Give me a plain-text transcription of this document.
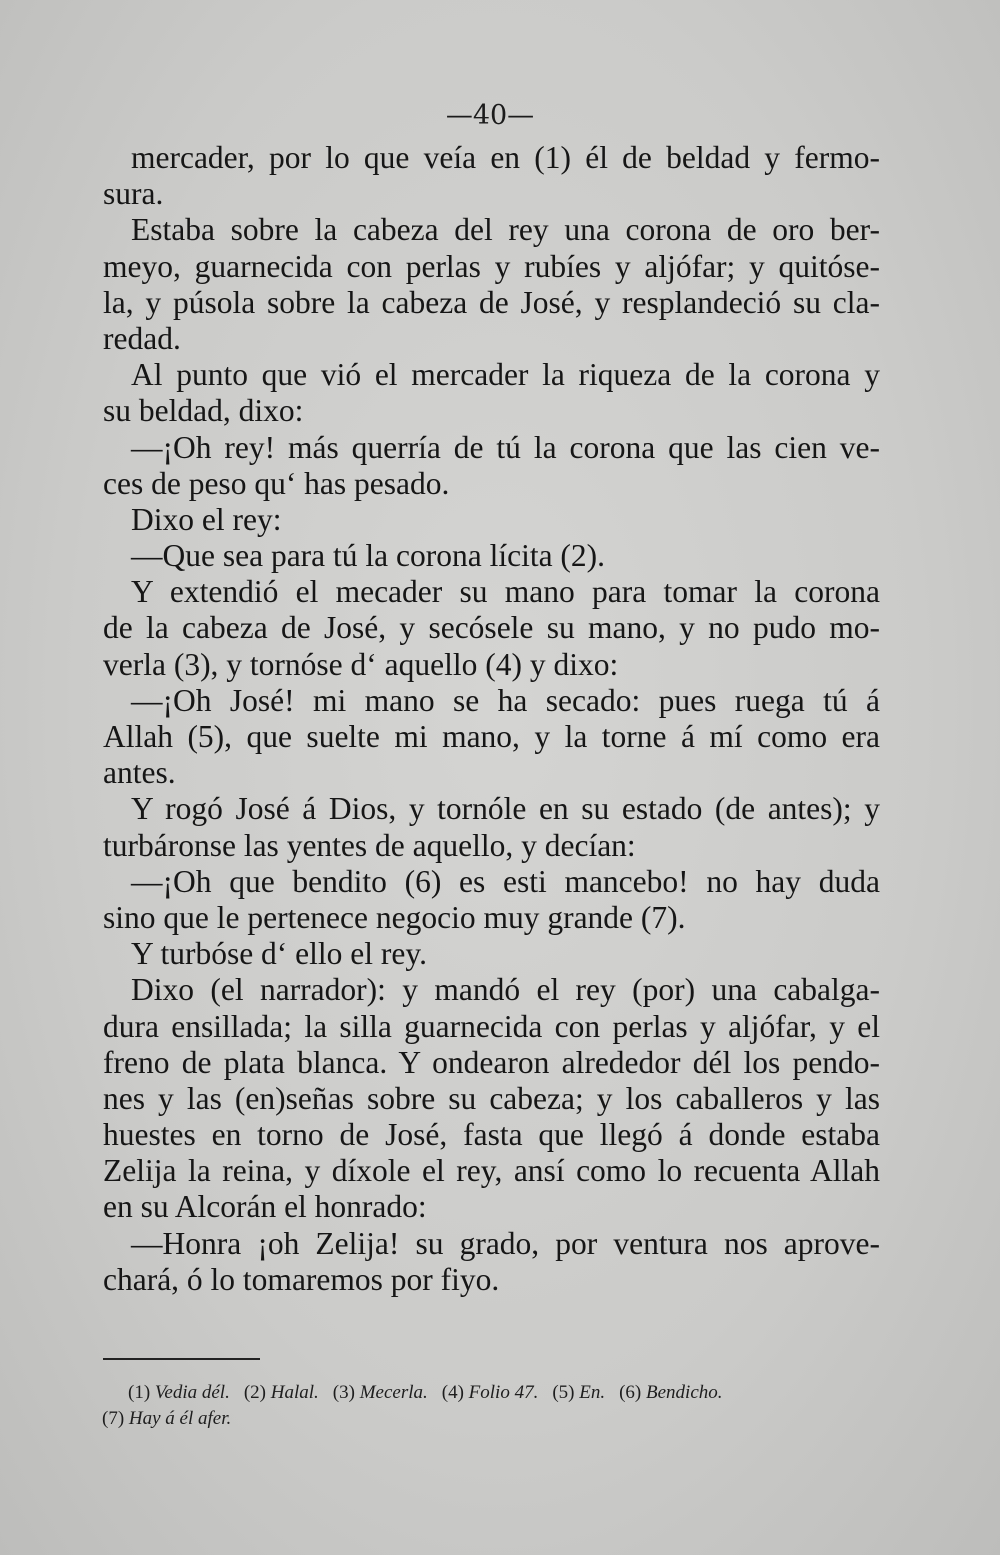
—40—
mercader, por lo que veía en (1) él de beldad y fermo-
sura.
Estaba sobre la cabeza del rey una corona de oro ber-
meyo, guarnecida con perlas y rubíes y aljófar; y quitóse-
la, y púsola sobre la cabeza de José, y resplandeció su cla-
redad.
Al punto que vió el mercader la riqueza de la corona y
su beldad, dixo:
—¡Oh rey! más querría de tú la corona que las cien ve-
ces de peso qu‘ has pesado.
Dixo el rey:
—Que sea para tú la corona lícita (2).
Y extendió el mecader su mano para tomar la corona
de la cabeza de José, y secósele su mano, y no pudo mo-
verla (3), y tornóse d‘ aquello (4) y dixo:
—¡Oh José! mi mano se ha secado: pues ruega tú á
Allah (5), que suelte mi mano, y la torne á mí como era
antes.
Y rogó José á Dios, y tornóle en su estado (de antes); y
turbáronse las yentes de aquello, y decían:
—¡Oh que bendito (6) es esti mancebo! no hay duda
sino que le pertenece negocio muy grande (7).
Y turbóse d‘ ello el rey.
Dixo (el narrador): y mandó el rey (por) una cabalga-
dura ensillada; la silla guarnecida con perlas y aljófar, y el
freno de plata blanca. Y ondearon alrededor dél los pendo-
nes y las (en)señas sobre su cabeza; y los caballeros y las
huestes en torno de José, fasta que llegó á donde estaba
Zelija la reina, y díxole el rey, ansí como lo recuenta Allah
en su Alcorán el honrado:
—Honra ¡oh Zelija! su grado, por ventura nos aprove-
chará, ó lo tomaremos por fiyo.
(1) Vedia dél. (2) Halal. (3) Mecerla. (4) Folio 47. (5) En. (6) Bendicho.
(7) Hay á él afer.
